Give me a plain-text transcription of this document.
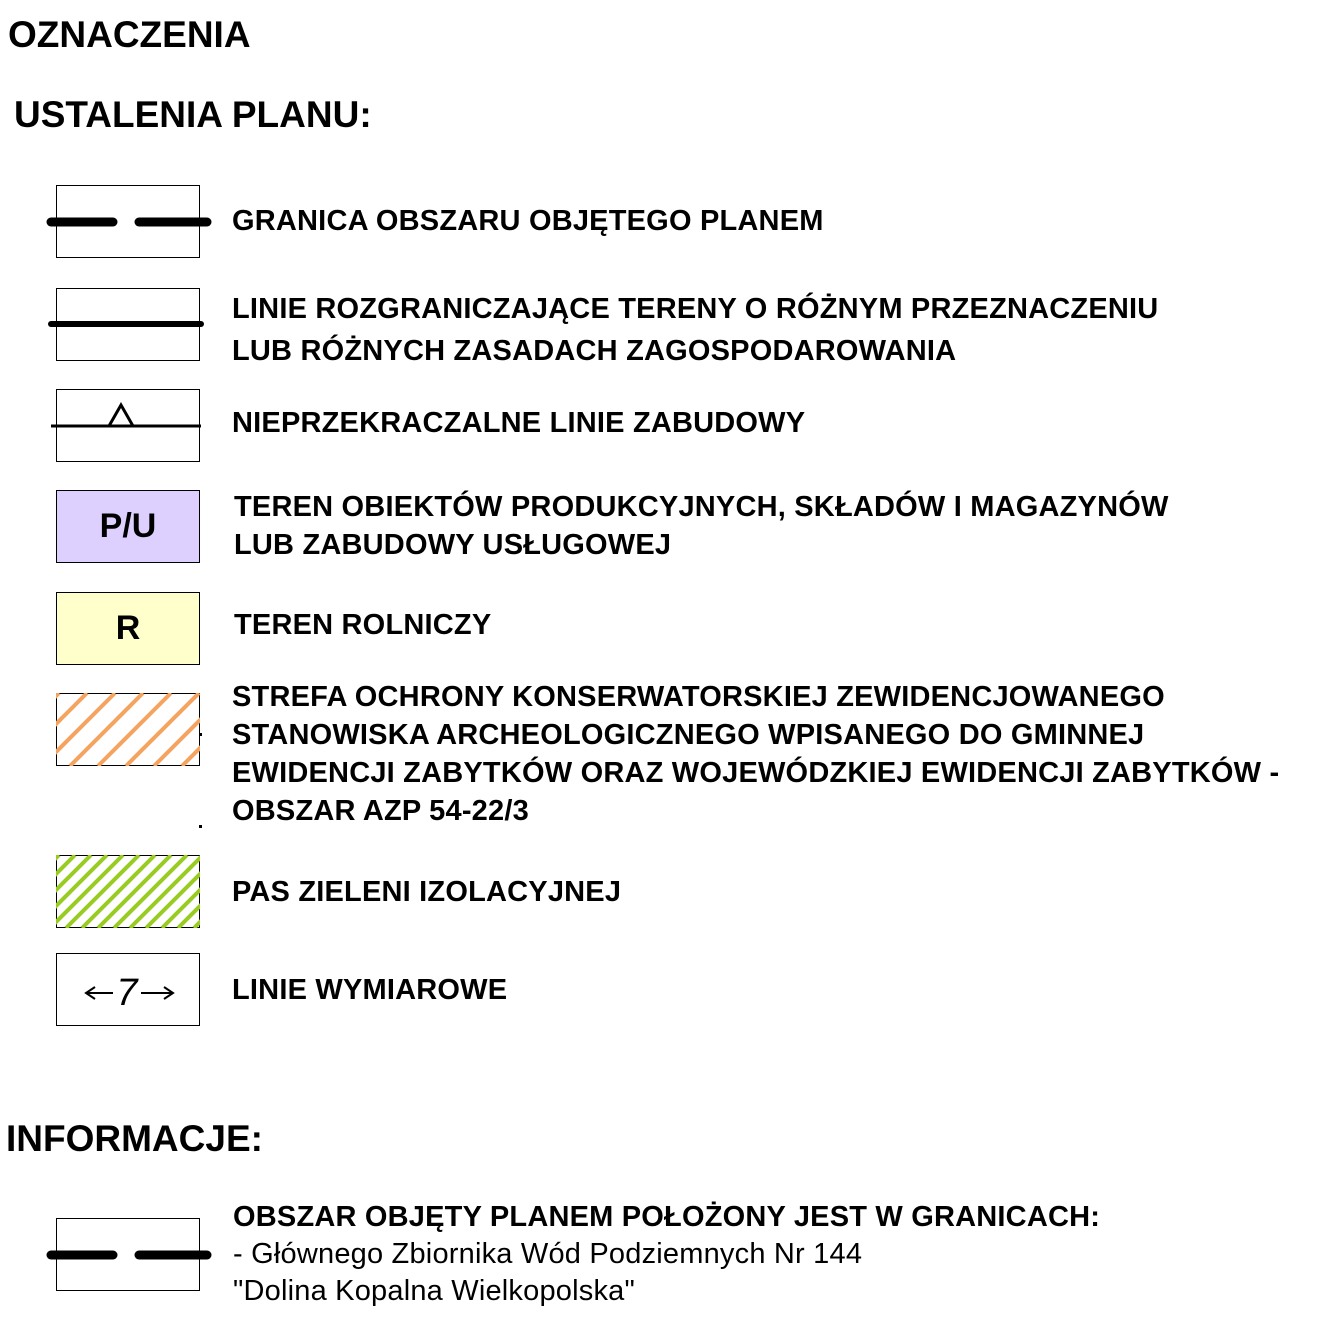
OZNACZENIA
USTALENIA PLANU:
GRANICA OBSZARU OBJĘTEGO PLANEM
LINIE ROZGRANICZAJĄCE TERENY O RÓŻNYM PRZEZNACZENIU
LUB RÓŻNYCH ZASADACH ZAGOSPODAROWANIA
NIEPRZEKRACZALNE LINIE ZABUDOWY
P/U	TEREN OBIEKTÓW PRODUKCYJNYCH, SKŁADÓW I MAGAZYNÓW
LUB ZABUDOWY USŁUGOWEJ
R	TEREN ROLNICZY
STREFA OCHRONY KONSERWATORSKIEJ ZEWIDENCJOWANEGO
STANOWISKA ARCHEOLOGICZNEGO WPISANEGO DO GMINNEJ
EWIDENCJI ZABYTKÓW ORAZ WOJEWÓDZKIEJ EWIDENCJI ZABYTKÓW -
OBSZAR AZP 54-22/3
PAS ZIELENI IZOLACYJNEJ
7	LINIE WYMIAROWE
INFORMACJE:
OBSZAR OBJĘTY PLANEM POŁOŻONY JEST W GRANICACH:
- Głównego Zbiornika Wód Podziemnych Nr 144
"Dolina Kopalna Wielkopolska"
